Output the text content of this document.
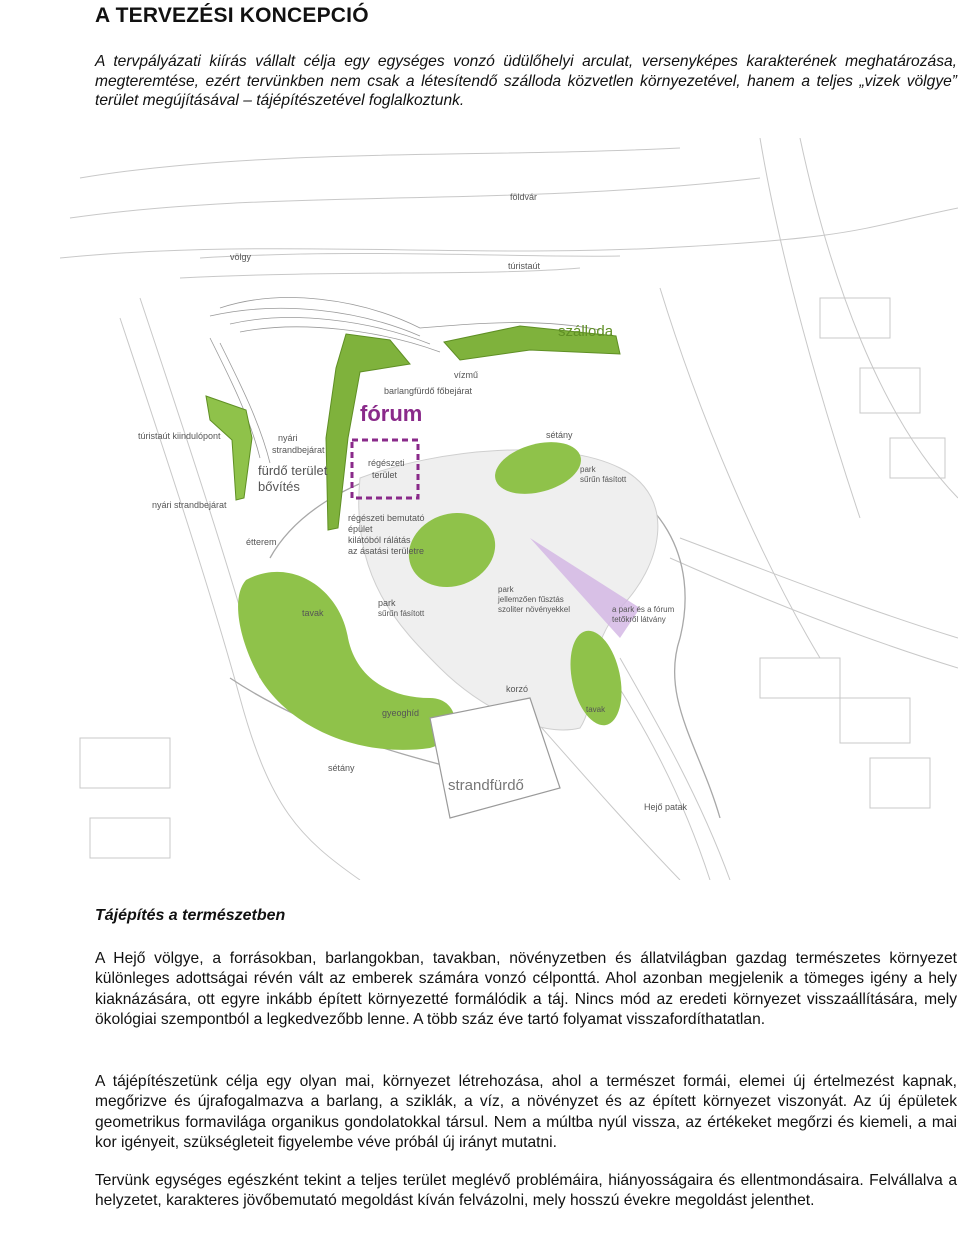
A TERVEZÉSI KONCEPCIÓ

A tervpályázati kiírás vállalt célja egy egységes vonzó üdülőhelyi arculat, versenyképes karakterének meghatározása, megteremtése, ezért tervünkben nem csak a létesítendő szálloda közvetlen környezetével, hanem a teljes „vizek völgye” terület megújításával – tájépítészetével foglalkoztunk.

földvár
völgy
túristaút
szálloda
vízmű
barlangfürdő főbejárat
fórum
túristaút kiindulópont	nyári
strandbejárat
fürdő terület
bővítés
régészeti
terület
nyári strandbejárat
sétány
park
sűrűn fásított
régészeti bemutató
épület
kilátóból rálátás
az ásatási területre
étterem
tavak
park
sűrűn fásított
park
jellemzően fűsztás
szoliter növényekkel	a park és a fórum
tetőkről látvány
korzó
gyeoghíd	tavak
sétány
strandfürdő
Hejő patak
Tájépítés a természetben

A Hejő völgye, a forrásokban, barlangokban, tavakban, növényzetben és állatvilágban gazdag természetes környezet különleges adottságai révén vált az emberek számára vonzó célponttá. Ahol azonban megjelenik a tömeges igény a hely kiaknázására, ott egyre inkább épített környezetté formálódik a táj. Nincs mód az eredeti környezet visszaállítására, mely ökológiai szempontból a legkedvezőbb lenne. A több száz éve tartó folyamat visszafordíthatatlan.

A tájépítészetünk célja egy olyan mai, környezet létrehozása, ahol a természet formái, elemei új értelmezést kapnak, megőrizve és újrafogalmazva a barlang, a sziklák, a víz, a növényzet és az épített környezet viszonyát. Az új épületek geometrikus formavilága organikus gondolatokkal társul. Nem a múltba nyúl vissza, az értékeket megőrzi és kiemeli, a mai kor igényeit, szükségleteit figyelembe véve próbál új irányt mutatni.

Tervünk egységes egészként tekint a teljes terület meglévő problémáira, hiányosságaira és ellentmondásaira. Felvállalva a helyzetet, karakteres jövőbemutató megoldást kíván felvázolni, mely hosszú évekre megoldást jelenthet.
